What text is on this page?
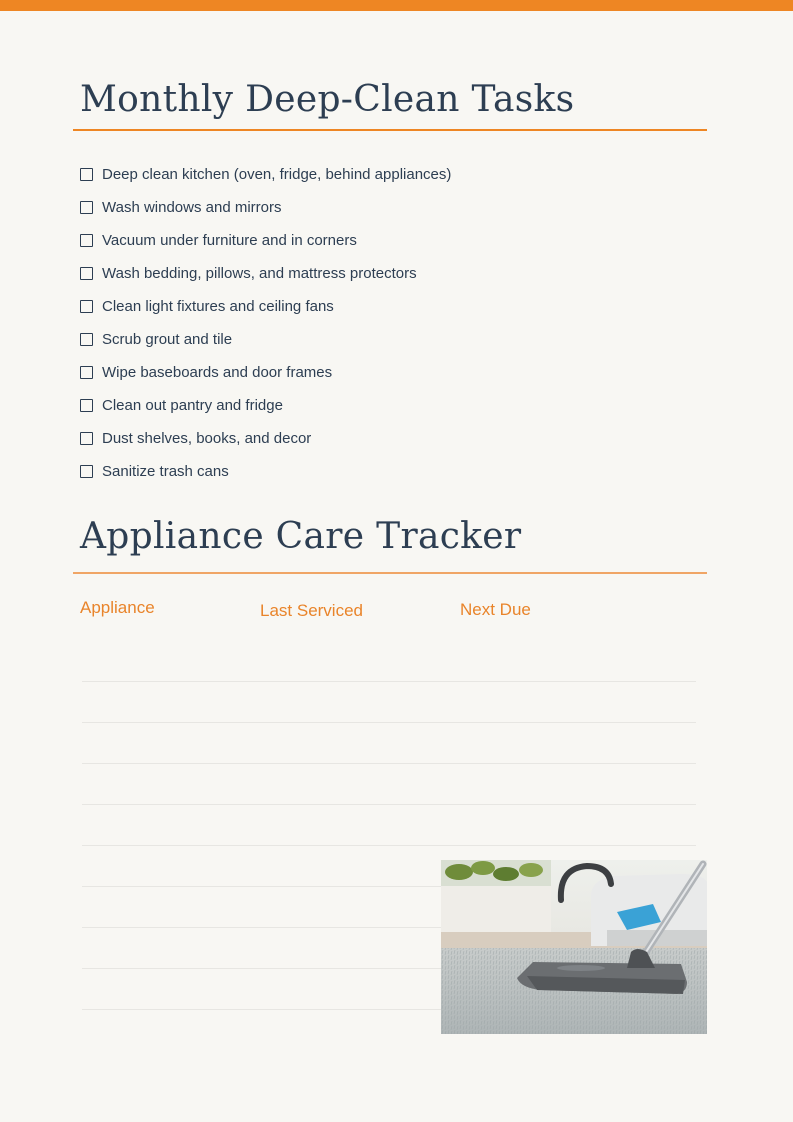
Monthly Deep-Clean Tasks
Deep clean kitchen (oven, fridge, behind appliances)
Wash windows and mirrors
Vacuum under furniture and in corners
Wash bedding, pillows, and mattress protectors
Clean light fixtures and ceiling fans
Scrub grout and tile
Wipe baseboards and door frames
Clean out pantry and fridge
Dust shelves, books, and decor
Sanitize trash cans
Appliance Care Tracker
Appliance	Last Serviced	Next Due
